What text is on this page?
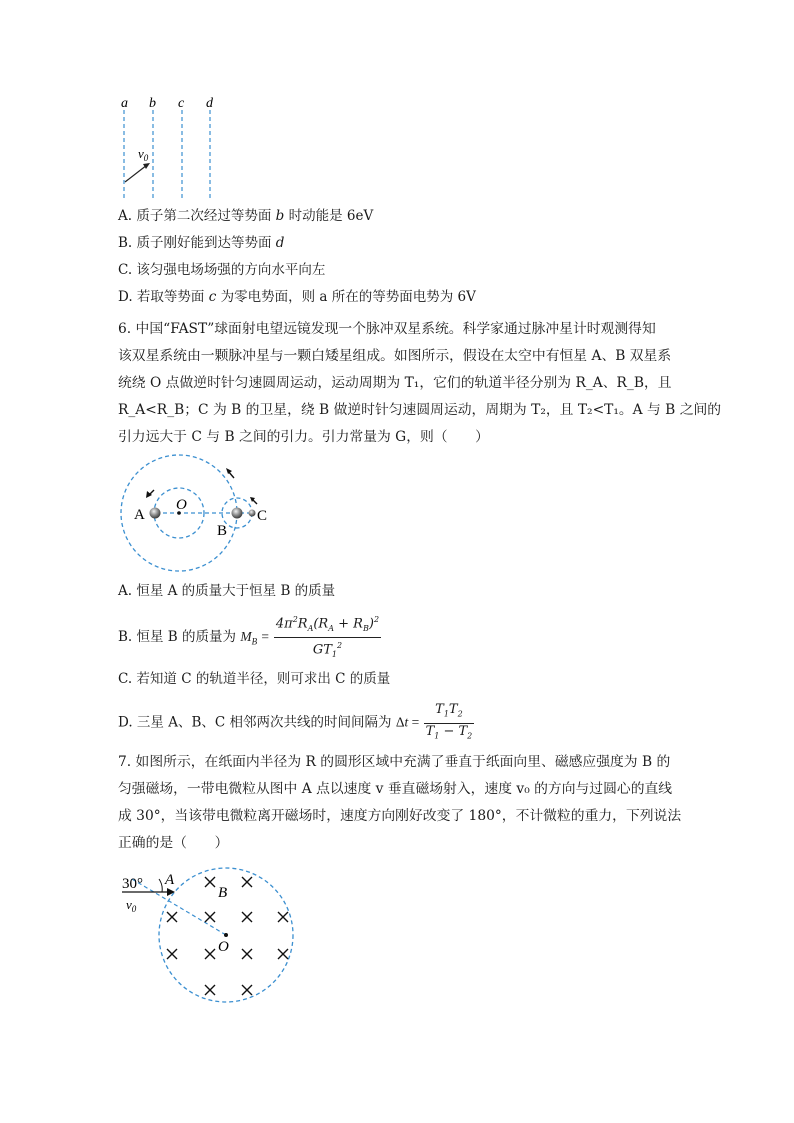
a b c d
$v_0$
A. 质子第二次经过等势面 b 时动能是 6eV
B. 质子刚好能到达等势面 d
C. 该匀强电场场强的方向水平向左
D. 若取等势面 c 为零电势面，则 a 所在的等势面电势为 6V
6. 中国“FAST”球面射电望远镜发现一个脉冲双星系统。科学家通过脉冲星计时观测得知
该双星系统由一颗脉冲星与一颗白矮星组成。如图所示，假设在太空中有恒星 A、B 双星系
统绕 O 点做逆时针匀速圆周运动，运动周期为 T₁，它们的轨道半径分别为 R_A、R_B，且
R_A<R_B；C 为 B 的卫星，绕 B 做逆时针匀速圆周运动，周期为 T₂，且 T₂<T₁。A 与 B 之间的
引力远大于 C 与 B 之间的引力。引力常量为 G，则（　　）
A
O
B
C
A. 恒星 A 的质量大于恒星 B 的质量
B. 恒星 B 的质量为 $M_B = \frac{4\pi^2R_A(R_A + R_B)^2}{GT_1^2}$
C. 若知道 C 的轨道半径，则可求出 C 的质量
D. 三星 A、B、C 相邻两次共线的时间间隔为 $\Delta t = \frac{T_1T_2}{T_1 - T_2}$
7. 如图所示，在纸面内半径为 R 的圆形区域中充满了垂直于纸面向里、磁感应强度为 B 的
匀强磁场，一带电微粒从图中 A 点以速度 v 垂直磁场射入，速度 v₀ 的方向与过圆心的直线
成 30°，当该带电微粒离开磁场时，速度方向刚好改变了 180°，不计微粒的重力，下列说法
正确的是（　　）
30° A
B
O
$v_0$
